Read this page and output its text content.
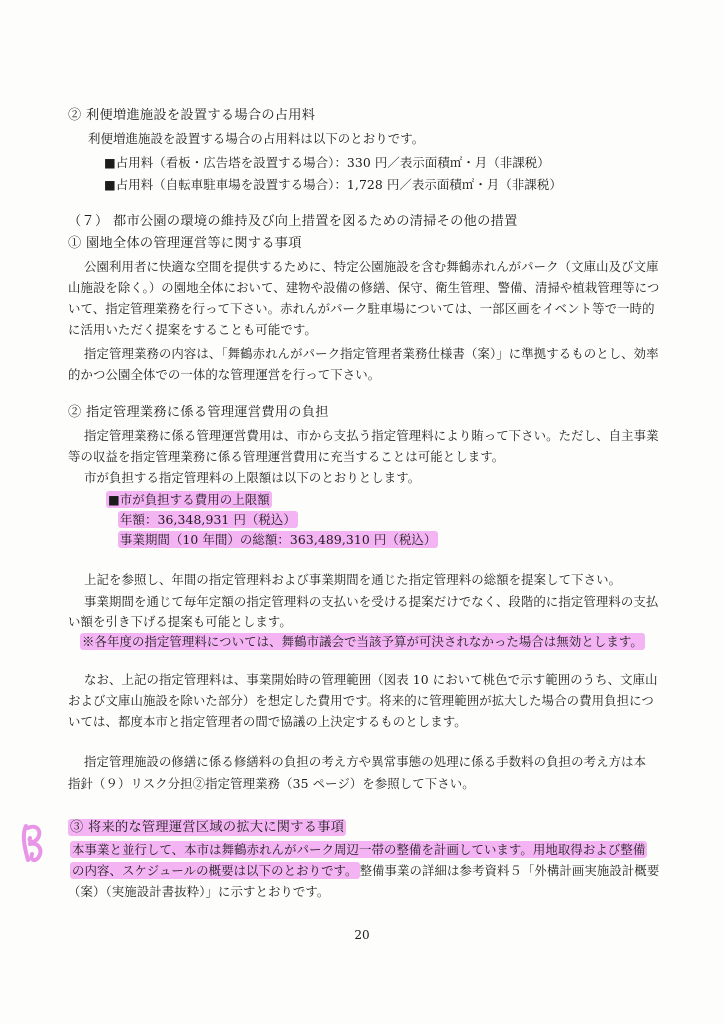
② 利便増進施設を設置する場合の占用料
利便増進施設を設置する場合の占用料は以下のとおりです。
■占用料（看板・広告塔を設置する場合）：330 円／表示面積㎡・月（非課税）
■占用料（自転車駐車場を設置する場合）：1,728 円／表示面積㎡・月（非課税）
（７） 都市公園の環境の維持及び向上措置を図るための清掃その他の措置
① 園地全体の管理運営等に関する事項
公園利用者に快適な空間を提供するために、特定公園施設を含む舞鶴赤れんがパーク（文庫山及び文庫
山施設を除く。）の園地全体において、建物や設備の修繕、保守、衛生管理、警備、清掃や植栽管理等につ
いて、指定管理業務を行って下さい。赤れんがパーク駐車場については、一部区画をイベント等で一時的
に活用いただく提案をすることも可能です。
指定管理業務の内容は、「舞鶴赤れんがパーク指定管理者業務仕様書（案）」に準拠するものとし、効率
的かつ公園全体での一体的な管理運営を行って下さい。
② 指定管理業務に係る管理運営費用の負担
指定管理業務に係る管理運営費用は、市から支払う指定管理料により賄って下さい。ただし、自主事業
等の収益を指定管理業務に係る管理運営費用に充当することは可能とします。
市が負担する指定管理料の上限額は以下のとおりとします。
■市が負担する費用の上限額
年額：36,348,931 円（税込）
事業期間（10 年間）の総額：363,489,310 円（税込）
上記を参照し、年間の指定管理料および事業期間を通じた指定管理料の総額を提案して下さい。
事業期間を通じて毎年定額の指定管理料の支払いを受ける提案だけでなく、段階的に指定管理料の支払
い額を引き下げる提案も可能とします。
※各年度の指定管理料については、舞鶴市議会で当該予算が可決されなかった場合は無効とします。
なお、上記の指定管理料は、事業開始時の管理範囲（図表 10 において桃色で示す範囲のうち、文庫山
および文庫山施設を除いた部分）を想定した費用です。将来的に管理範囲が拡大した場合の費用負担につ
いては、都度本市と指定管理者の間で協議の上決定するものとします。
指定管理施設の修繕に係る修繕料の負担の考え方や異常事態の処理に係る手数料の負担の考え方は本
指針（９）リスク分担②指定管理業務（35 ページ）を参照して下さい。
③ 将来的な管理運営区域の拡大に関する事項
本事業と並行して、本市は舞鶴赤れんがパーク周辺一帯の整備を計画しています。用地取得および整備
の内容、スケジュールの概要は以下のとおりです。 整備事業の詳細は参考資料５「外構計画実施設計概要
（案）（実施設計書抜粋）」に示すとおりです。
20
